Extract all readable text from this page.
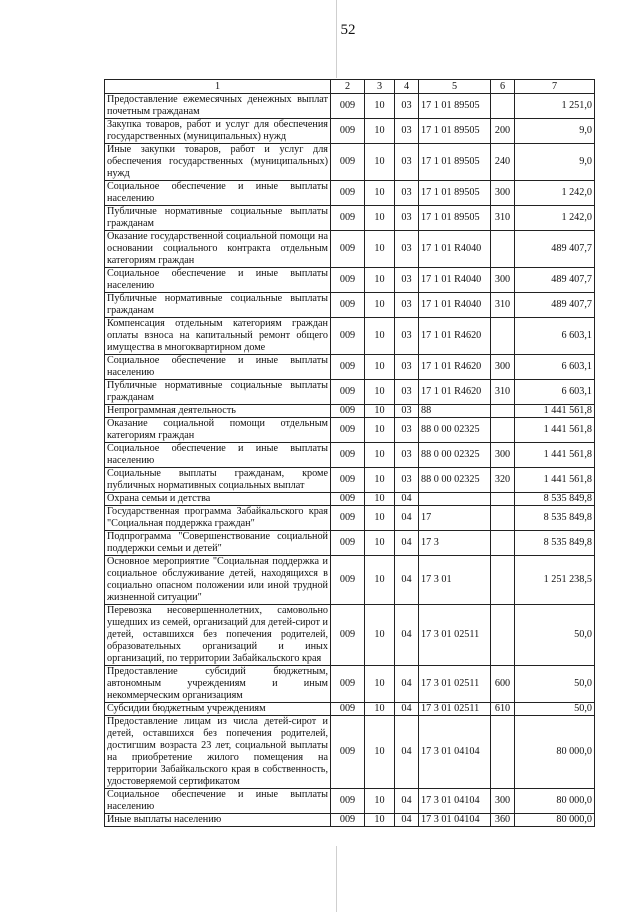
52
1	2	3	4	5	6	7
Предоставление ежемесячных денежных выплат почетным гражданам	009	10	03	17 1 01 89505		1 251,0
Закупка товаров, работ и услуг для обеспечения государственных (муниципальных) нужд	009	10	03	17 1 01 89505	200	9,0
Иные закупки товаров, работ и услуг для обеспечения государственных (муниципальных) нужд	009	10	03	17 1 01 89505	240	9,0
Социальное обеспечение и иные выплаты населению	009	10	03	17 1 01 89505	300	1 242,0
Публичные нормативные социальные выплаты гражданам	009	10	03	17 1 01 89505	310	1 242,0
Оказание государственной социальной помощи на основании социального контракта отдельным категориям граждан	009	10	03	17 1 01 R4040		489 407,7
Социальное обеспечение и иные выплаты населению	009	10	03	17 1 01 R4040	300	489 407,7
Публичные нормативные социальные выплаты гражданам	009	10	03	17 1 01 R4040	310	489 407,7
Компенсация отдельным категориям граждан оплаты взноса на капитальный ремонт общего имущества в многоквартирном доме	009	10	03	17 1 01 R4620		6 603,1
Социальное обеспечение и иные выплаты населению	009	10	03	17 1 01 R4620	300	6 603,1
Публичные нормативные социальные выплаты гражданам	009	10	03	17 1 01 R4620	310	6 603,1
Непрограммная деятельность	009	10	03	88		1 441 561,8
Оказание социальной помощи отдельным категориям граждан	009	10	03	88 0 00 02325		1 441 561,8
Социальное обеспечение и иные выплаты населению	009	10	03	88 0 00 02325	300	1 441 561,8
Социальные выплаты гражданам, кроме публичных нормативных социальных выплат	009	10	03	88 0 00 02325	320	1 441 561,8
Охрана семьи и детства	009	10	04			8 535 849,8
Государственная программа Забайкальского края "Социальная поддержка граждан"	009	10	04	17		8 535 849,8
Подпрограмма "Совершенствование социальной поддержки семьи и детей"	009	10	04	17 3		8 535 849,8
Основное мероприятие "Социальная поддержка и социальное обслуживание детей, находящихся в социально опасном положении или иной трудной жизненной ситуации"	009	10	04	17 3 01		1 251 238,5
Перевозка несовершеннолетних, самовольно ушедших из семей, организаций для детей-сирот и детей, оставшихся без попечения родителей, образовательных организаций и иных организаций, по территории Забайкальского края	009	10	04	17 3 01 02511		50,0
Предоставление субсидий бюджетным, автономным учреждениям и иным некоммерческим организациям	009	10	04	17 3 01 02511	600	50,0
Субсидии бюджетным учреждениям	009	10	04	17 3 01 02511	610	50,0
Предоставление лицам из числа детей-сирот и детей, оставшихся без попечения родителей, достигшим возраста 23 лет, социальной выплаты на приобретение жилого помещения на территории Забайкальского края в собственность, удостоверяемой сертификатом	009	10	04	17 3 01 04104		80 000,0
Социальное обеспечение и иные выплаты населению	009	10	04	17 3 01 04104	300	80 000,0
Иные выплаты населению	009	10	04	17 3 01 04104	360	80 000,0
